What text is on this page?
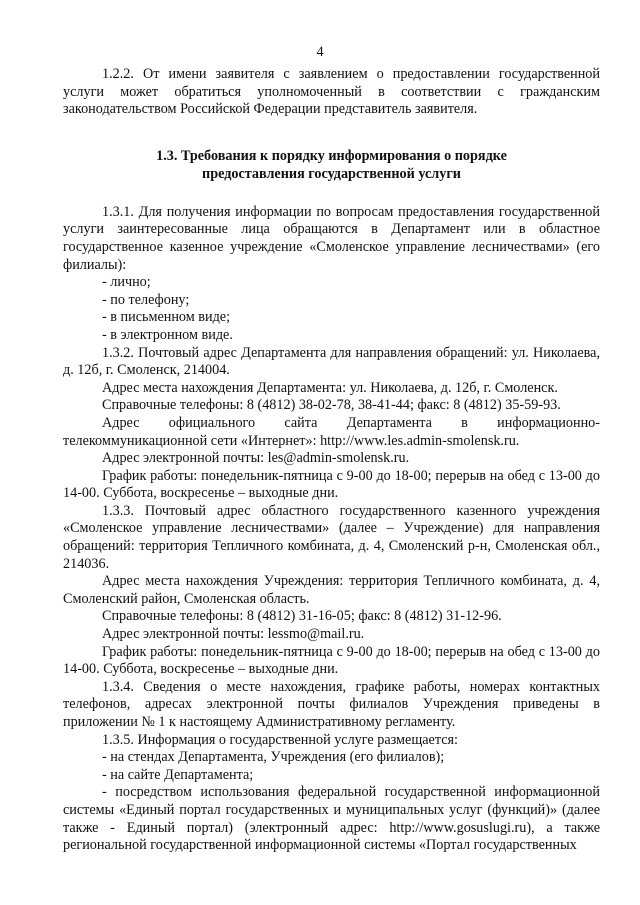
4

1.2.2. От имени заявителя с заявлением о предоставлении государственной услуги может обратиться уполномоченный в соответствии с гражданским законодательством Российской Федерации представитель заявителя.

1.3. Требования к порядку информирования о порядке предоставления государственной услуги

1.3.1. Для получения информации по вопросам предоставления государственной услуги заинтересованные лица обращаются в Департамент или в областное государственное казенное учреждение «Смоленское управление лесничествами» (его филиалы):

- лично;

- по телефону;

- в письменном виде;

- в электронном виде.

1.3.2. Почтовый адрес Департамента для направления обращений: ул. Николаева, д. 12б, г. Смоленск, 214004.

Адрес места нахождения Департамента: ул. Николаева, д. 12б, г. Смоленск.

Справочные телефоны: 8 (4812) 38-02-78, 38-41-44; факс: 8 (4812) 35-59-93.

Адрес официального сайта Департамента в информационно-телекоммуникационной сети «Интернет»: http://www.les.admin-smolensk.ru.

Адрес электронной почты: les@admin-smolensk.ru.

График работы: понедельник-пятница с 9-00 до 18-00; перерыв на обед с 13-00 до 14-00. Суббота, воскресенье – выходные дни.

1.3.3. Почтовый адрес областного государственного казенного учреждения «Смоленское управление лесничествами» (далее – Учреждение) для направления обращений: территория Тепличного комбината, д. 4, Смоленский р-н, Смоленская обл., 214036.

Адрес места нахождения Учреждения: территория Тепличного комбината, д. 4, Смоленский район, Смоленская область.

Справочные телефоны: 8 (4812) 31-16-05; факс: 8 (4812) 31-12-96.

Адрес электронной почты: lessmo@mail.ru.

График работы: понедельник-пятница с 9-00 до 18-00; перерыв на обед с 13-00 до 14-00. Суббота, воскресенье – выходные дни.

1.3.4. Сведения о месте нахождения, графике работы, номерах контактных телефонов, адресах электронной почты филиалов Учреждения приведены в приложении № 1 к настоящему Административному регламенту.

1.3.5. Информация о государственной услуге размещается:

- на стендах Департамента, Учреждения (его филиалов);

- на сайте Департамента;

- посредством использования федеральной государственной информационной системы «Единый портал государственных и муниципальных услуг (функций)» (далее также - Единый портал) (электронный адрес: http://www.gosuslugi.ru), а также региональной государственной информационной системы «Портал государственных
